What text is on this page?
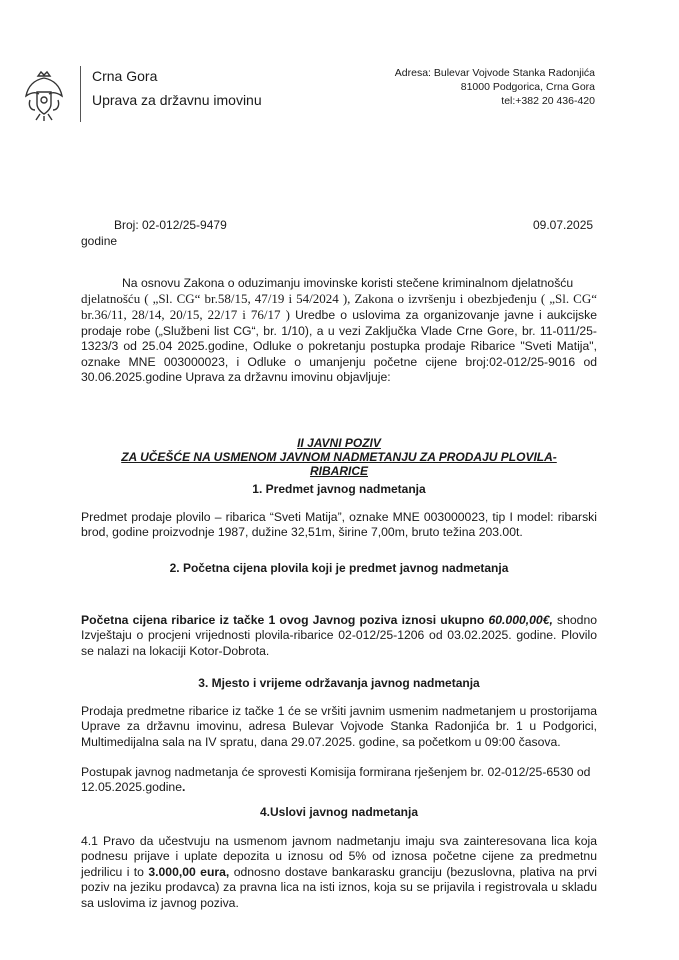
Crna Gora
Uprava za državnu imovinu
Adresa: Bulevar Vojvode Stanka Radonjića
81000 Podgorica, Crna Gora
tel:+382 20 436-420
Broj: 02-012/25-9479	09.07.2025
godine
Na osnovu Zakona o oduzimanju imovinske koristi stečene kriminalnom djelatnošću
djelatnošću ( „Sl. CG“ br.58/15, 47/19 i 54/2024 ), Zakona o izvršenju i obezbjeđenju ( „Sl. CG“ br.36/11, 28/14, 20/15, 22/17 i 76/17 ) Uredbe o uslovima za organizovanje javne i aukcijske prodaje robe („Službeni list CG“, br. 1/10), a u vezi Zaključka Vlade Crne Gore, br. 11-011/25-1323/3 od 25.04 2025.godine, Odluke o pokretanju postupka prodaje Ribarice "Sveti Matija", oznake MNE 003000023, i Odluke o umanjenju početne cijene broj:02-012/25-9016 od 30.06.2025.godine Uprava za državnu imovinu objavljuje:
II JAVNI POZIV
ZA UČEŠĆE NA USMENOM JAVNOM NADMETANJU ZA PRODAJU PLOVILA-
RIBARICE
1. Predmet javnog nadmetanja
Predmet prodaje plovilo – ribarica “Sveti Matija”, oznake MNE 003000023, tip I model: ribarski brod, godine proizvodnje 1987, dužine 32,51m, širine 7,00m, bruto težina 203.00t.
2. Početna cijena plovila koji je predmet javnog nadmetanja
Početna cijena ribarice iz tačke 1 ovog Javnog poziva iznosi ukupno 60.000,00€, shodno Izvještaju o procjeni vrijednosti plovila-ribarice 02-012/25-1206 od 03.02.2025. godine. Plovilo se nalazi na lokaciji Kotor-Dobrota.
3. Mjesto i vrijeme održavanja javnog nadmetanja
Prodaja predmetne ribarice iz tačke 1 će se vršiti javnim usmenim nadmetanjem u prostorijama Uprave za državnu imovinu, adresa Bulevar Vojvode Stanka Radonjića br. 1 u Podgorici, Multimedijalna sala na IV spratu, dana 29.07.2025. godine, sa početkom u 09:00 časova.
Postupak javnog nadmetanja će sprovesti Komisija formirana rješenjem br. 02-012/25-6530 od 12.05.2025.godine.
4.Uslovi javnog nadmetanja
4.1 Pravo da učestvuju na usmenom javnom nadmetanju imaju sva zainteresovana lica koja podnesu prijave i uplate depozita u iznosu od 5% od iznosa početne cijene za predmetnu jedrilicu i to 3.000,00 eura, odnosno dostave bankarasku granciju (bezuslovna, plativa na prvi poziv na jeziku prodavca) za pravna lica na isti iznos, koja su se prijavila i registrovala u skladu sa uslovima iz javnog poziva.
